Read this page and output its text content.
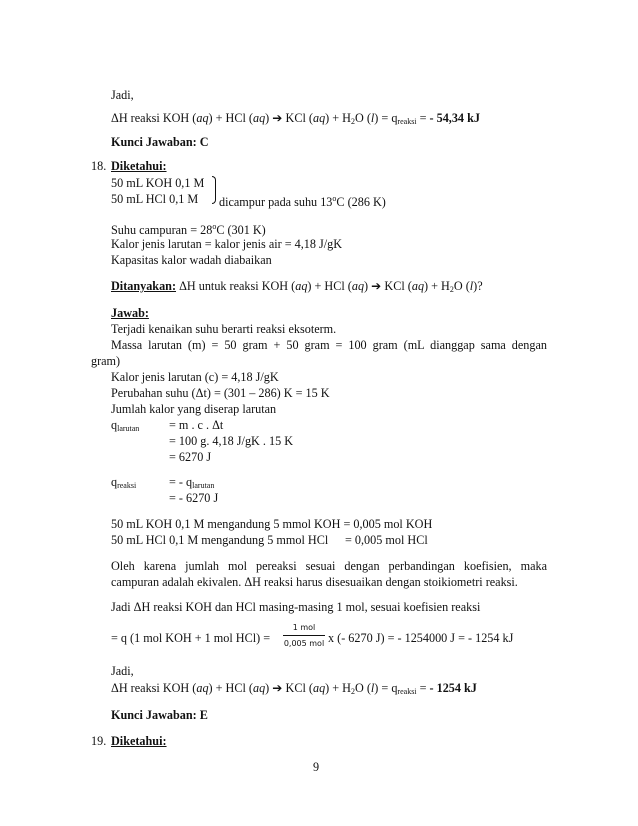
Jadi,
ΔH reaksi KOH (aq) + HCl (aq) ➔ KCl $(aq) + H_2O$ $(l) = q_{reaksi}$ = - 54,34 kJ
Kunci Jawaban: C
18. Diketahui:
50 mL KOH 0,1 M
50 mL HCl 0,1 M dicampur pada suhu 13$^o$C (286 K)
Suhu campuran = $28^oC$ (301 K)
Kalor jenis larutan = kalor jenis air = 4,18 J/gK
Kapasitas kalor wadah diabaikan
Ditanyakan: ΔH untuk reaksi KOH (aq) + HCl (aq) ➔ KCl $(aq) + H_2O$ (l)?
Jawab:
Terjadi kenaikan suhu berarti reaksi eksoterm.
Massa larutan (m) = 50 gram + 50 gram = 100 gram (mL dianggap sama dengan
gram)
Kalor jenis larutan (c) = 4,18 J/gK
Perubahan suhu (Δt) = (301 – 286) K = 15 K
Jumlah kalor yang diserap larutan
$q_{larutan} = m$ . c . Δt
= 100 g. 4,18 J/gK . 15 K
= 6270 J
$q_{reaksi}$	= - $q_{larutan}$
= - 6270 J
50 mL KOH 0,1 M mengandung 5 mmol KOH = 0,005 mol KOH
50 mL HCl 0,1 M mengandung 5 mmol HCl = 0,005 mol HCl
Oleh karena jumlah mol pereaksi sesuai dengan perbandingan koefisien, maka
campuran adalah ekivalen. ΔH reaksi harus disesuaikan dengan stoikiometri reaksi.
Jadi ΔH reaksi KOH dan HCl masing-masing 1 mol, sesuai koefisien reaksi
= q (1 mol KOH + 1 mol HCl) =
1 mol
0,005 mol x (- 6270 J) = - 1254000 J = - 1254 kJ
Jadi,
ΔH reaksi KOH (aq) + HCl (aq) ➔ KCl $(aq) + H_2O$ $(l) = q_{reaksi}$ = - 1254 kJ
Kunci Jawaban: E
19. Diketahui:
9
